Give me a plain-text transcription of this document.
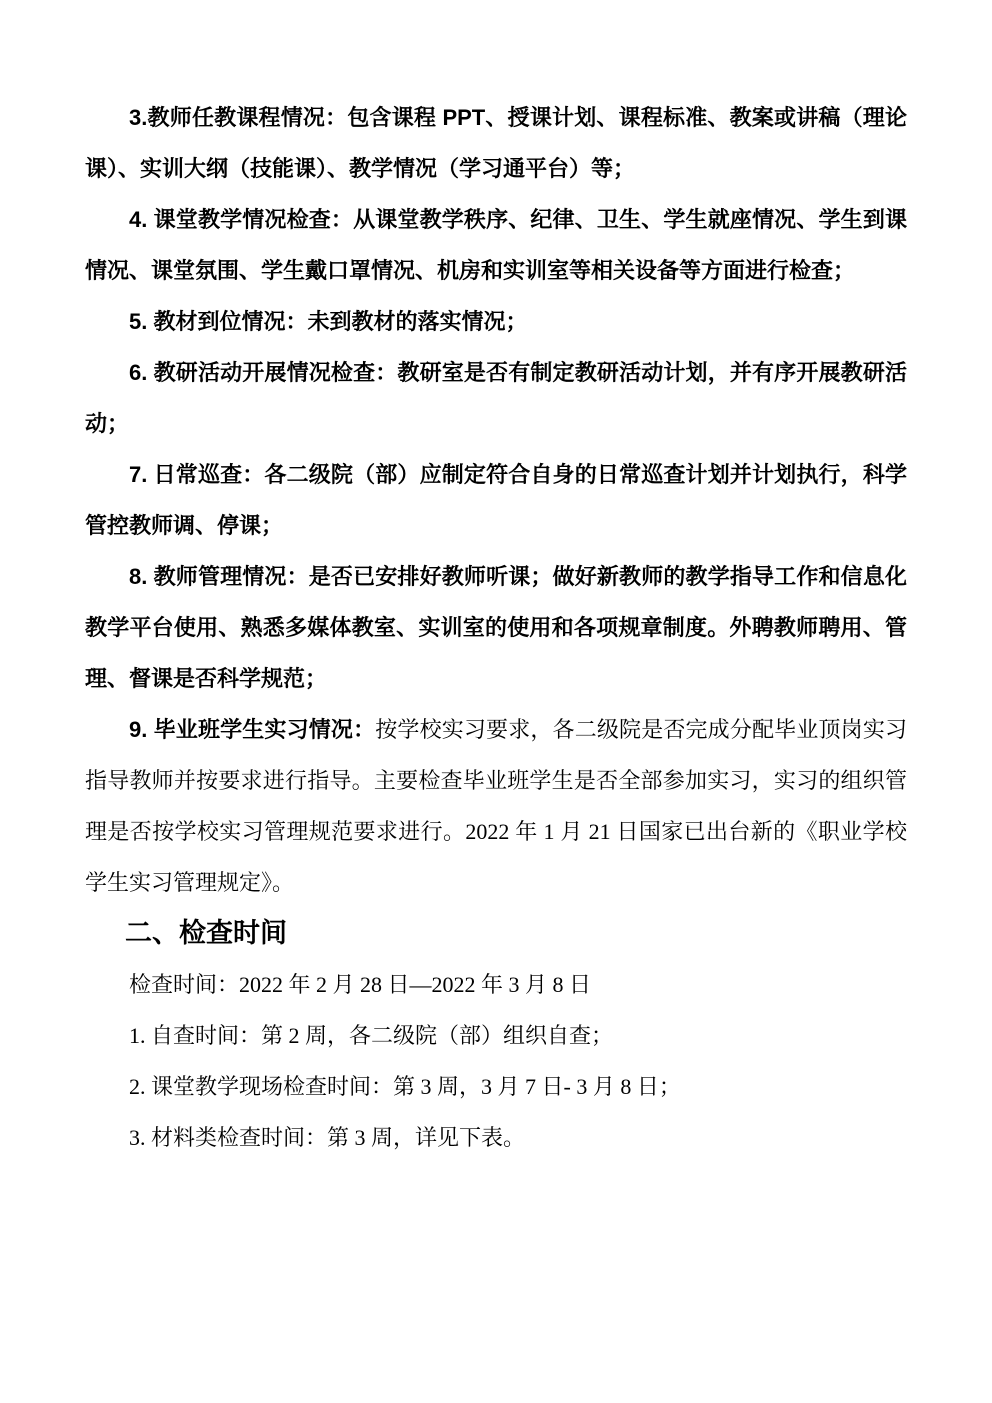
3.教师任教课程情况：包含课程 PPT、授课计划、课程标准、教案或讲稿（理论课）、实训大纲（技能课）、教学情况（学习通平台）等；

4. 课堂教学情况检查：从课堂教学秩序、纪律、卫生、学生就座情况、学生到课情况、课堂氛围、学生戴口罩情况、机房和实训室等相关设备等方面进行检查；

5. 教材到位情况：未到教材的落实情况；

6. 教研活动开展情况检查：教研室是否有制定教研活动计划，并有序开展教研活动；

7. 日常巡查：各二级院（部）应制定符合自身的日常巡查计划并计划执行，科学管控教师调、停课；

8. 教师管理情况：是否已安排好教师听课；做好新教师的教学指导工作和信息化教学平台使用、熟悉多媒体教室、实训室的使用和各项规章制度。外聘教师聘用、管理、督课是否科学规范；

9. 毕业班学生实习情况：按学校实习要求，各二级院是否完成分配毕业顶岗实习指导教师并按要求进行指导。主要检查毕业班学生是否全部参加实习，实习的组织管理是否按学校实习管理规范要求进行。2022 年 1 月 21 日国家已出台新的《职业学校学生实习管理规定》。

二、检查时间

检查时间：2022 年 2 月 28 日—2022 年 3 月 8 日

1. 自查时间：第 2 周，各二级院（部）组织自查；

2. 课堂教学现场检查时间：第 3 周，3 月 7 日- 3 月 8 日；

3. 材料类检查时间：第 3 周，详见下表。
